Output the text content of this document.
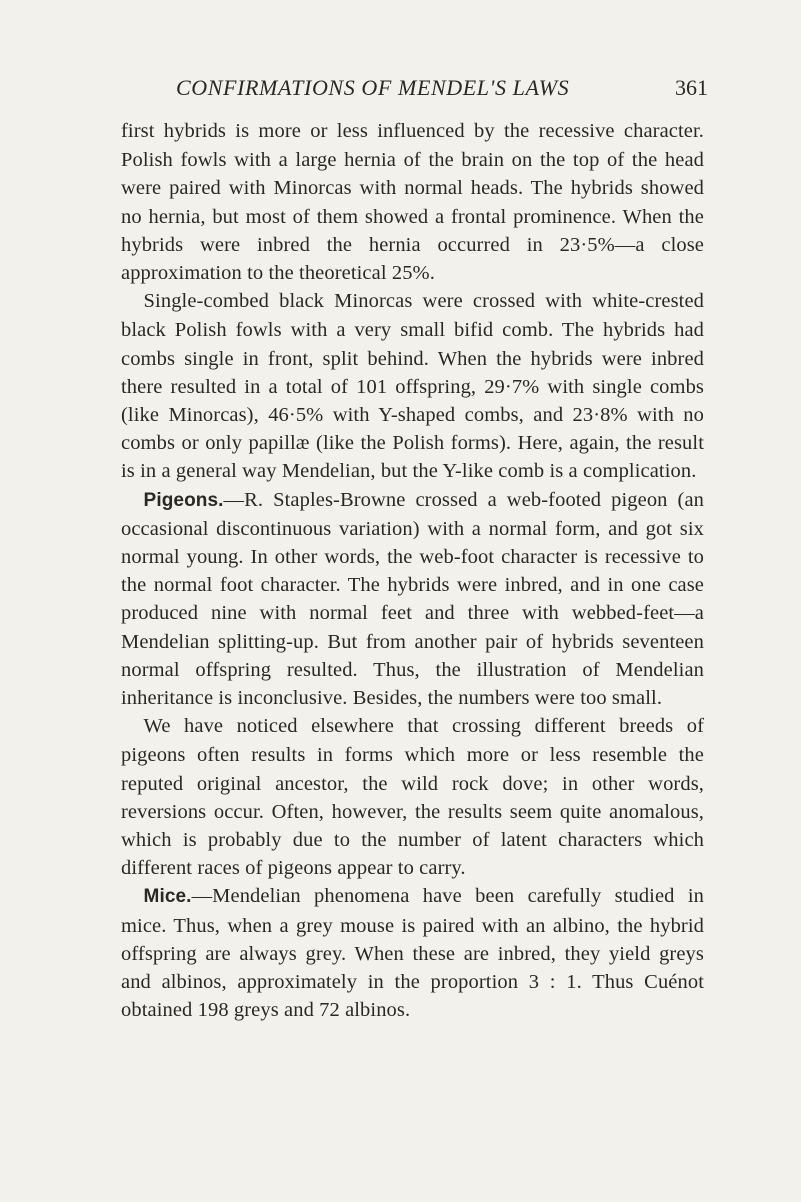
CONFIRMATIONS OF MENDEL'S LAWS	361

first hybrids is more or less influenced by the recessive character. Polish fowls with a large hernia of the brain on the top of the head were paired with Minorcas with normal heads. The hybrids showed no hernia, but most of them showed a frontal prominence. When the hybrids were inbred the hernia occurred in 23·5%—a close approximation to the theoretical 25%.

Single-combed black Minorcas were crossed with white-crested black Polish fowls with a very small bifid comb. The hybrids had combs single in front, split behind. When the hybrids were inbred there resulted in a total of 101 offspring, 29·7% with single combs (like Minorcas), 46·5% with Y-shaped combs, and 23·8% with no combs or only papillæ (like the Polish forms). Here, again, the result is in a general way Mendelian, but the Y-like comb is a complication.

Pigeons.—R. Staples-Browne crossed a web-footed pigeon (an occasional discontinuous variation) with a normal form, and got six normal young. In other words, the web-foot character is recessive to the normal foot character. The hybrids were inbred, and in one case produced nine with normal feet and three with webbed-feet—a Mendelian splitting-up. But from another pair of hybrids seventeen normal offspring resulted. Thus, the illustration of Mendelian inheritance is inconclusive. Besides, the numbers were too small.

We have noticed elsewhere that crossing different breeds of pigeons often results in forms which more or less resemble the reputed original ancestor, the wild rock dove; in other words, reversions occur. Often, however, the results seem quite anomalous, which is probably due to the number of latent characters which different races of pigeons appear to carry.

Mice.—Mendelian phenomena have been carefully studied in mice. Thus, when a grey mouse is paired with an albino, the hybrid offspring are always grey. When these are inbred, they yield greys and albinos, approximately in the proportion 3 : 1. Thus Cuénot obtained 198 greys and 72 albinos.
